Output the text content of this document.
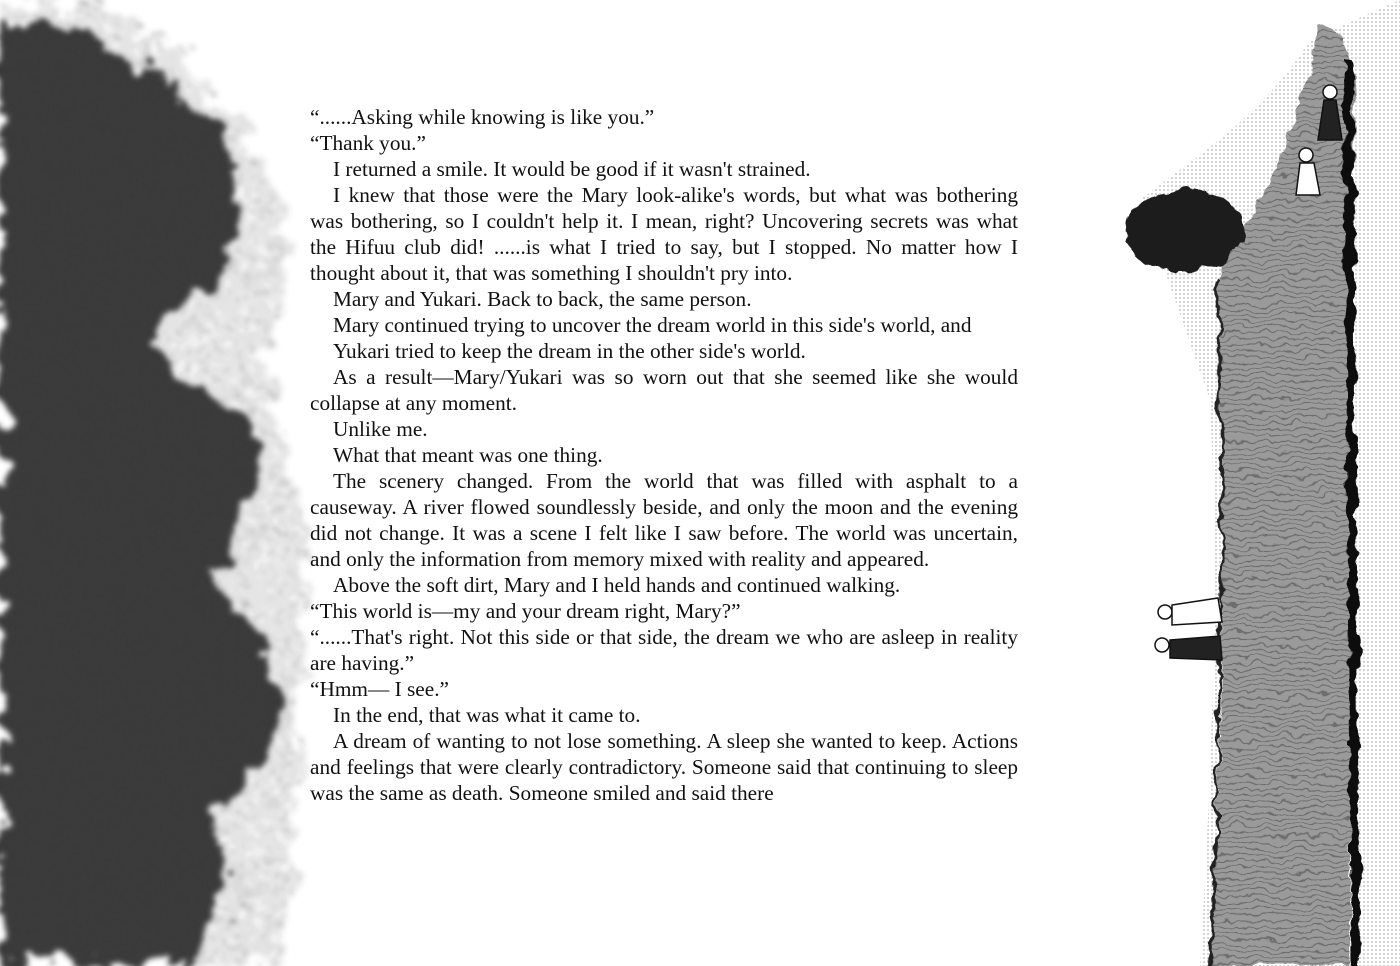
“......Asking while knowing is like you.”

“Thank you.”

I returned a smile. It would be good if it wasn't strained.

I knew that those were the Mary look-alike's words, but what was bothering was bothering, so I couldn't help it. I mean, right? Uncovering secrets was what the Hifuu club did! ......is what I tried to say, but I stopped. No matter how I thought about it, that was something I shouldn't pry into.

Mary and Yukari. Back to back, the same person.

Mary continued trying to uncover the dream world in this side's world, and

Yukari tried to keep the dream in the other side's world.

As a result—Mary/Yukari was so worn out that she seemed like she would collapse at any moment.

Unlike me.

What that meant was one thing.

The scenery changed. From the world that was filled with asphalt to a causeway. A river flowed soundlessly beside, and only the moon and the evening did not change. It was a scene I felt like I saw before. The world was uncertain, and only the information from memory mixed with reality and appeared.

Above the soft dirt, Mary and I held hands and continued walking.

“This world is—my and your dream right, Mary?”

“......That's right. Not this side or that side, the dream we who are asleep in reality are having.”

“Hmm— I see.”

In the end, that was what it came to.

A dream of wanting to not lose something. A sleep she wanted to keep. Actions and feelings that were clearly contradictory. Someone said that continuing to sleep was the same as death. Someone smiled and said there
